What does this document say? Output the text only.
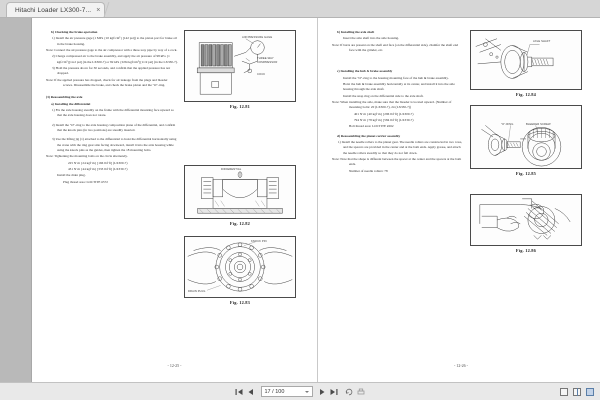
Hitachi Loader LX300-7... ×
b) Checking the brake operation
1) Install the air pressure gage (1 MPa {10 kgf/cm²} [142 psi]) to the piston port for brake oil in the brake housing.
Note: Connect the air pressure gage to the air compressor with a three-way pipe by way of a cock.
2) Charge compressed air to the brake assembly, and apply the air pressure of 98 kPa {1 kgf/cm²}[14.2 psi] (in the LX300-7) or 82 kPa {0.84 kgf/cm²}[11.9 psi] (in the LX330-7).
3) Hold the pressure above for 30 seconds, and confirm that the applied pressure has not dropped.
Note: If the applied pressure has dropped, check for air leakage from the plugs and bleeder screws. Disassemble the brake, and check the brake piston and the "O"-ring.
(3) Reassembling the axle
a) Installing the differential
1) Fix the axle housing steadily on the frame with the differential mounting face upward so that the axle housing does not rotate.
2) Install the "O"-ring to the axle housing composition plane of the differential, and confirm that the knock pins (in two positions) are steadily inserted.
3) Use the lifting jig (1) attached to the differential to hoist the differential horizontally using the crane with the ring gear side facing downward, install it into the axle housing while using the knock pins as the guides, then tighten the 18 mounting bolts.
Note: Tightening the mounting bolts on the circle alternately.
225 N·m {24 kgf·m} [166 lbf·ft] (LX300-7)
431 N·m {44 kgf·m} [333 lbf·ft] (LX330-7)
Install the drain plug.
Plug thread area: LOCTITE #572
AIR PRESSURE GAGE
THREE-WAY
COMPRESSOR
COCK
Fig. 12.81
DIFFERENTIAL
Fig. 12.82
KNOCK PIN
DRAIN PLUG
Fig. 12.83
- 12-25 -
b) Installing the axle shaft
Insert the axle shaft into the axle housing.
Note: If burrs are present on the shaft end face (on the differential side), chamfer the shaft end face with the grinder, etc.
c) Installing the hub & brake assembly
Install the "O"-ring to the housing mounting face of the hub & brake assembly.
Hoist the hub & brake assembly horizontally at its center, and install it into the axle housing through the axle shaft.
Install the snap ring on the differential side to the axle shaft.
Note: When installing the axle, make sure that the bleeder is located upward. (Number of mounting bolts: 20 (LX300-7), 24 (LX330-7))
401 N·m {40 kgf·m} [296 lbf·ft] (LX300-7)
794 N·m {78 kgf·m} [584 lbf·ft] (LX330-7)
Bolt thread area: LOCTITE #262
d) Reassembling the planet carrier assembly
1) Install the needle rollers to the planet gear. The needle rollers are constructed in two rows, and the spacers are provided in the center and at the both ends. Apply grease, and attach the needle rollers steadily so that they do not fall down.
Note: Note that the shape is different between the spacer at the center and the spacers at the both ends.
Number of needle rollers: 78
AXLE SHAFT
Fig. 12.84
"O"-RING	BLEEDER SCREW
Fig. 12.85
Fig. 12.86
- 12-26 -
17 / 100
